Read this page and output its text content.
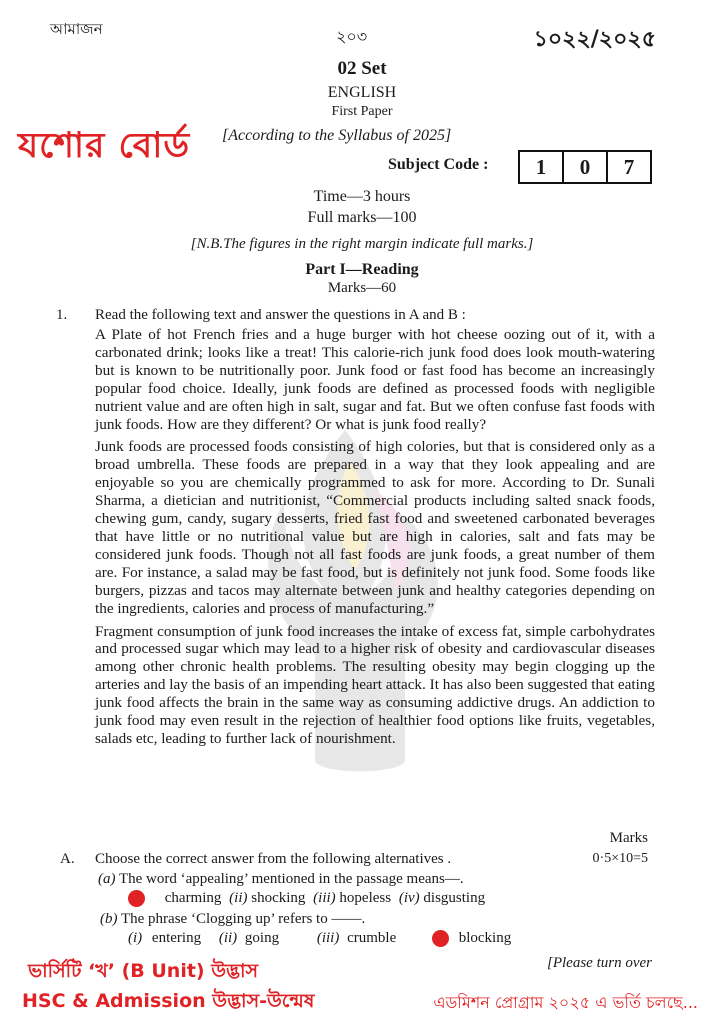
আমাজন	২০৩	১০২২/২০২৫
02 Set
ENGLISH
First Paper
[According to the Syllabus of 2025]
যশোর বোর্ড	Subject Code :	1	0	7
Time—3 hours
Full marks—100
[N.B.The figures in the right margin indicate full marks.]
Part I—Reading
Marks—60
1. Read the following text and answer the questions in A and B :

A Plate of hot French fries and a huge burger with hot cheese oozing out of it, with a carbonated drink; looks like a treat! This calorie-rich junk food does look mouth-watering but is known to be nutritionally poor. Junk food or fast food has become an increasingly popular food choice. Ideally, junk foods are defined as processed foods with negligible nutrient value and are often high in salt, sugar and fat. But we often confuse fast foods with junk foods. How are they different? Or what is junk food really?

Junk foods are processed foods consisting of high colories, but that is considered only as a broad umbrella. These foods are prepared in a way that they look appealing and are enjoyable so you are chemically programmed to ask for more. According to Dr. Sunali Sharma, a dietician and nutritionist, “Commercial products including salted snack foods, chewing gum, candy, sugary desserts, fried fast food and sweetened carbonated beverages that have little or no nutritional value but are high in calories, salt and fats may be considered junk foods. Though not all fast foods are junk foods, a great number of them are. For instance, a salad may be fast food, but is definitely not junk food. Some foods like burgers, pizzas and tacos may alternate between junk and healthy categories depending on the ingredients, calories and process of manufacturing.”

Fragment consumption of junk food increases the intake of excess fat, simple carbohydrates and processed sugar which may lead to a higher risk of obesity and cardiovascular diseases among other chronic health problems. The resulting obesity may begin clogging up the arteries and lay the basis of an impending heart attack. It has also been suggested that eating junk food affects the brain in the same way as consuming addictive drugs. An addiction to junk food may even result in the rejection of healthier food options like fruits, vegetables, salads etc, leading to further lack of nourishment.

Marks
A. Choose the correct answer from the following alternatives .	0·5×10=5
(a) The word ‘appealing’ mentioned in the passage means—.
charming (ii) shocking (iii) hopeless (iv) disgusting
(b) The phrase ‘Clogging up’ refers to ——.
(i) entering (ii) going	(iii) crumble	blocking
[Please turn over
ভার্সিটি ‘খ’ (B Unit) উদ্ভাস
HSC & Admission উদ্ভাস-উন্মেষ	এডমিশন প্রোগ্রাম ২০২৫ এ ভর্তি চলছে...
